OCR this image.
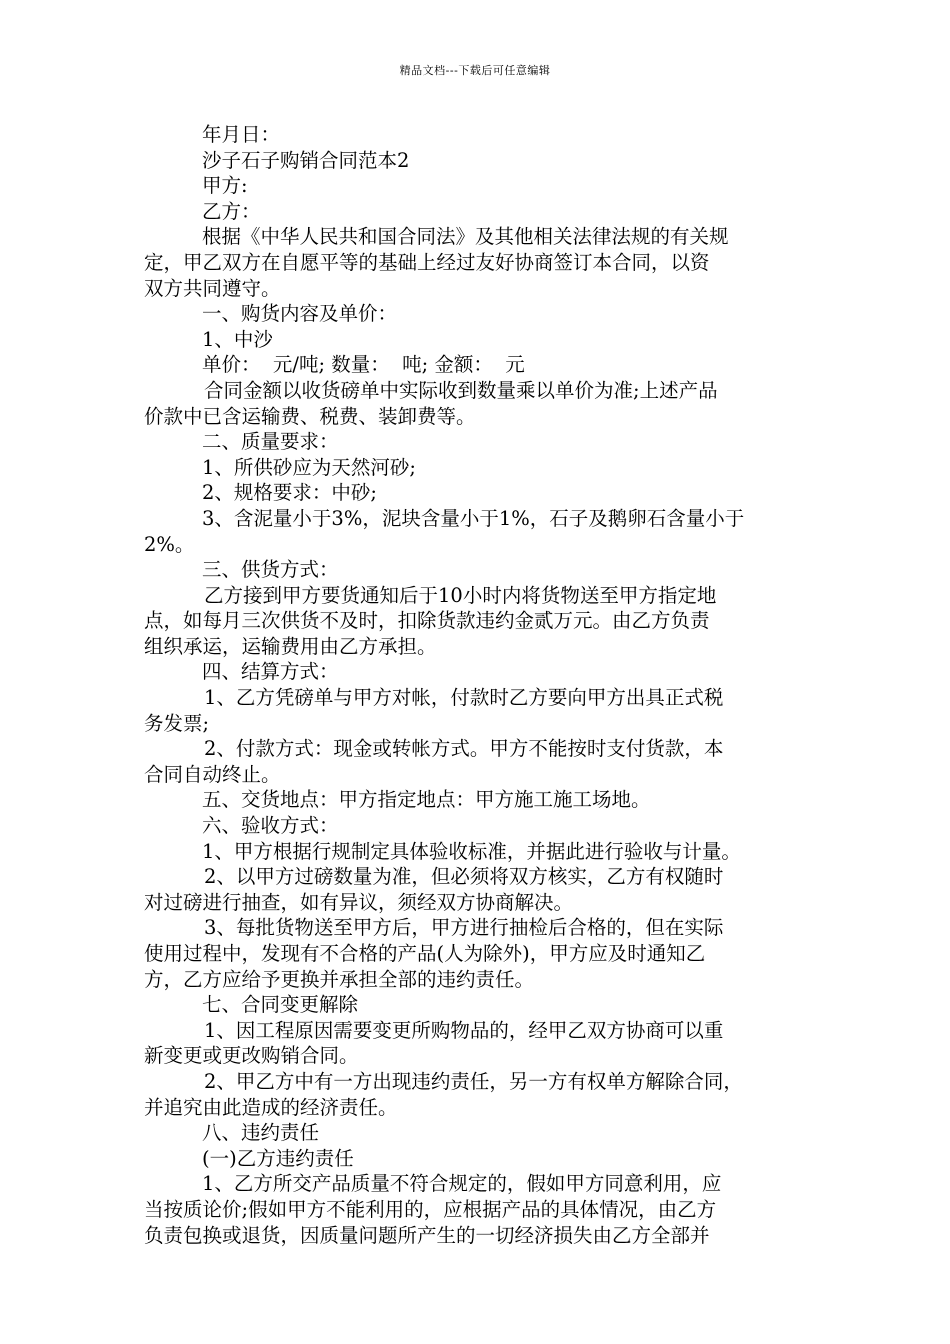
精品文档---下载后可任意编辑
年月日：
沙子石子购销合同范本2
甲方:
乙方：
根据《中华人民共和国合同法》及其他相关法律法规的有关规
定，甲乙双方在自愿平等的基础上经过友好协商签订本合同，以资
双方共同遵守。
一、购货内容及单价：
1、中沙
单价：  元/吨; 数量：  吨; 金额：  元
合同金额以收货磅单中实际收到数量乘以单价为准;上述产品
价款中已含运输费、税费、装卸费等。
二、质量要求：
1、所供砂应为天然河砂;
2、规格要求：中砂;
3、含泥量小于3%，泥块含量小于1%，石子及鹅卵石含量小于
2%。
三、供货方式：
乙方接到甲方要货通知后于10小时内将货物送至甲方指定地
点，如每月三次供货不及时，扣除货款违约金贰万元。由乙方负责
组织承运，运输费用由乙方承担。
四、结算方式：
1、乙方凭磅单与甲方对帐，付款时乙方要向甲方出具正式税
务发票;
2、付款方式：现金或转帐方式。甲方不能按时支付货款，本
合同自动终止。
五、交货地点：甲方指定地点：甲方施工施工场地。
六、验收方式：
1、甲方根据行规制定具体验收标准，并据此进行验收与计量。
2、以甲方过磅数量为准，但必须将双方核实，乙方有权随时
对过磅进行抽查，如有异议，须经双方协商解决。
3、每批货物送至甲方后，甲方进行抽检后合格的，但在实际
使用过程中，发现有不合格的产品(人为除外)，甲方应及时通知乙
方，乙方应给予更换并承担全部的违约责任。
七、合同变更解除
1、因工程原因需要变更所购物品的，经甲乙双方协商可以重
新变更或更改购销合同。
2、甲乙方中有一方出现违约责任，另一方有权单方解除合同，
并追究由此造成的经济责任。
八、违约责任
(一)乙方违约责任
1、乙方所交产品质量不符合规定的，假如甲方同意利用，应
当按质论价;假如甲方不能利用的，应根据产品的具体情况，由乙方
负责包换或退货，因质量问题所产生的一切经济损失由乙方全部并
